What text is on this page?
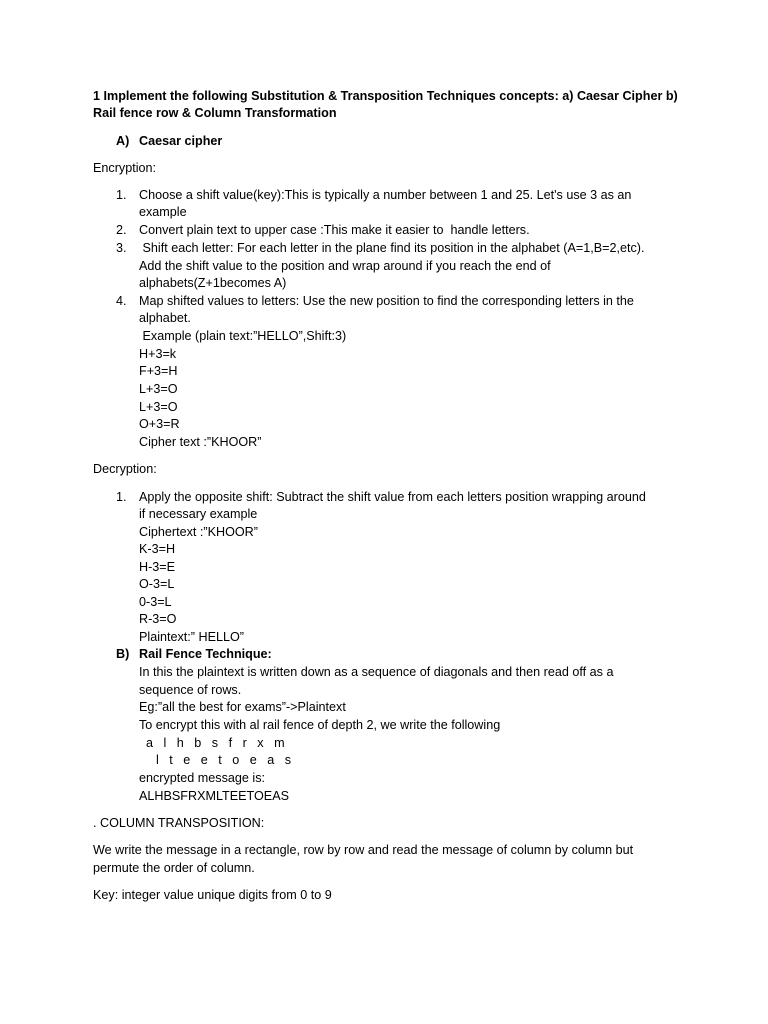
1 Implement the following Substitution & Transposition Techniques concepts: a) Caesar Cipher b)
Rail fence row & Column Transformation
A) Caesar cipher
Encryption:
1. Choose a shift value(key):This is typically a number between 1 and 25. Let's use 3 as an
example
2. Convert plain text to upper case :This make it easier to  handle letters.
3. Shift each letter: For each letter in the plane find its position in the alphabet (A=1,B=2,etc).
Add the shift value to the position and wrap around if you reach the end of
alphabets(Z+1becomes A)
4. Map shifted values to letters: Use the new position to find the corresponding letters in the
alphabet.
Example (plain text:”HELLO”,Shift:3)
H+3=k
F+3=H
L+3=O
L+3=O
O+3=R
Cipher text :”KHOOR”
Decryption:
1. Apply the opposite shift: Subtract the shift value from each letters position wrapping around
if necessary example
Ciphertext :”KHOOR”
K-3=H
H-3=E
O-3=L
0-3=L
R-3=O
Plaintext:” HELLO”
B) Rail Fence Technique:
In this the plaintext is written down as a sequence of diagonals and then read off as a
sequence of rows.
Eg:”all the best for exams”->Plaintext
To encrypt this with al rail fence of depth 2, we write the following
a   l   h   b   s   f   r   x   m
l   t   e   e   t   o   e   a   s
encrypted message is:
ALHBSFRXMLTEETOEAS
. COLUMN TRANSPOSITION:
We write the message in a rectangle, row by row and read the message of column by column but
permute the order of column.
Key: integer value unique digits from 0 to 9
